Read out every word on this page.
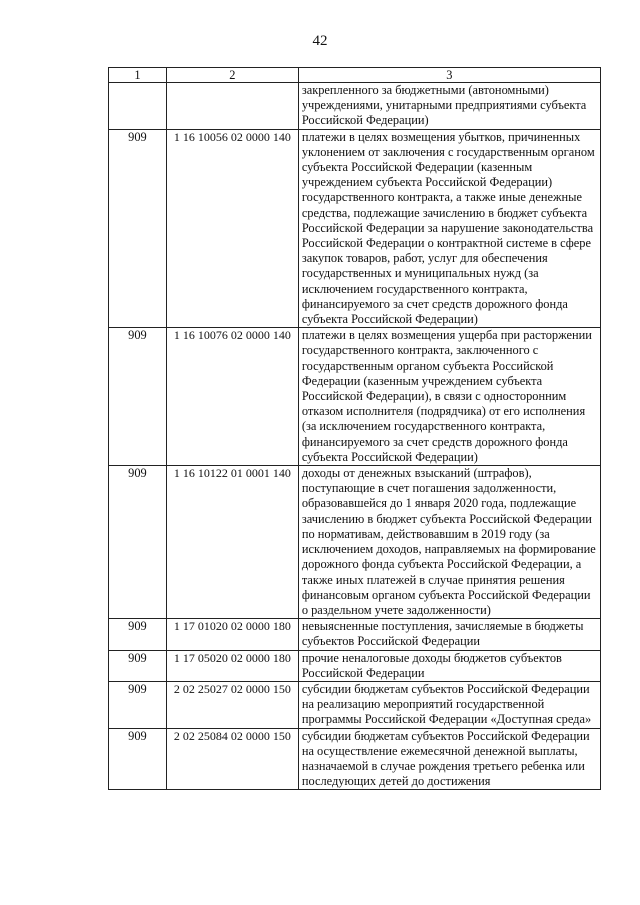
42
1	2	3
		закрепленного за бюджетными (автономными) учреждениями, унитарными предприятиями субъекта Российской Федерации)
909	1 16 10056 02 0000 140	платежи в целях возмещения убытков, причиненных уклонением от заключения с государственным органом субъекта Российской Федерации (казенным учреждением субъекта Российской Федерации) государственного контракта, а также иные денежные средства, подлежащие зачислению в бюджет субъекта Российской Федерации за нарушение законодательства Российской Федерации о контрактной системе в сфере закупок товаров, работ, услуг для обеспечения государственных и муниципальных нужд (за исключением государственного контракта, финансируемого за счет средств дорожного фонда субъекта Российской Федерации)
909	1 16 10076 02 0000 140	платежи в целях возмещения ущерба при расторжении государственного контракта, заключенного с государственным органом субъекта Российской Федерации (казенным учреждением субъекта Российской Федерации), в связи с односторонним отказом исполнителя (подрядчика) от его исполнения (за исключением государственного контракта, финансируемого за счет средств дорожного фонда субъекта Российской Федерации)
909	1 16 10122 01 0001 140	доходы от денежных взысканий (штрафов), поступающие в счет погашения задолженности, образовавшейся до 1 января 2020 года, подлежащие зачислению в бюджет субъекта Российской Федерации по нормативам, действовавшим в 2019 году (за исключением доходов, направляемых на формирование дорожного фонда субъекта Российской Федерации, а также иных платежей в случае принятия решения финансовым органом субъекта Российской Федерации о раздельном учете задолженности)
909	1 17 01020 02 0000 180	невыясненные поступления, зачисляемые в бюджеты субъектов Российской Федерации
909	1 17 05020 02 0000 180	прочие неналоговые доходы бюджетов субъектов Российской Федерации
909	2 02 25027 02 0000 150	субсидии бюджетам субъектов Российской Федерации на реализацию мероприятий государственной программы Российской Федерации «Доступная среда»
909	2 02 25084 02 0000 150	субсидии бюджетам субъектов Российской Федерации на осуществление ежемесячной денежной выплаты, назначаемой в случае рождения третьего ребенка или последующих детей до достижения
